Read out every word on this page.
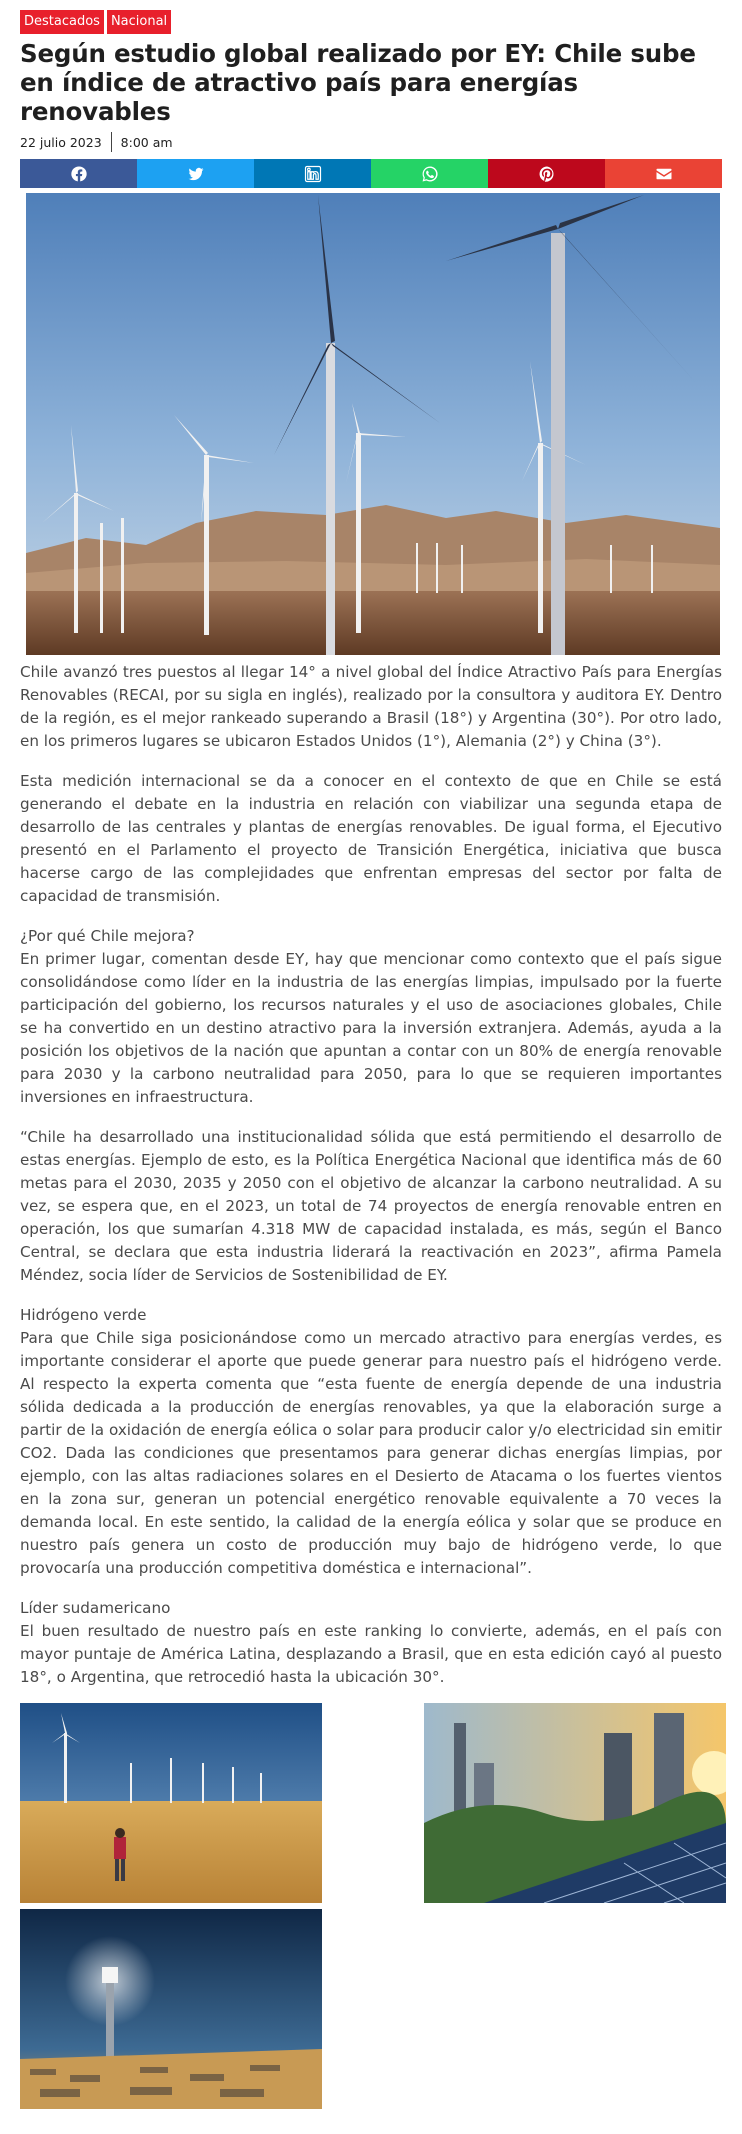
Destacados Nacional
Según estudio global realizado por EY: Chile sube en índice de atractivo país para energías renovables
22 julio 2023 8:00 am

Chile avanzó tres puestos al llegar 14° a nivel global del Índice Atractivo País para Energías Renovables (RECAI, por su sigla en inglés), realizado por la consultora y auditora EY. Dentro de la región, es el mejor rankeado superando a Brasil (18°) y Argentina (30°). Por otro lado, en los primeros lugares se ubicaron Estados Unidos (1°), Alemania (2°) y China (3°).

Esta medición internacional se da a conocer en el contexto de que en Chile se está generando el debate en la industria en relación con viabilizar una segunda etapa de desarrollo de las centrales y plantas de energías renovables. De igual forma, el Ejecutivo presentó en el Parlamento el proyecto de Transición Energética, iniciativa que busca hacerse cargo de las complejidades que enfrentan empresas del sector por falta de capacidad de transmisión.

¿Por qué Chile mejora?

En primer lugar, comentan desde EY, hay que mencionar como contexto que el país sigue consolidándose como líder en la industria de las energías limpias, impulsado por la fuerte participación del gobierno, los recursos naturales y el uso de asociaciones globales, Chile se ha convertido en un destino atractivo para la inversión extranjera. Además, ayuda a la posición los objetivos de la nación que apuntan a contar con un 80% de energía renovable para 2030 y la carbono neutralidad para 2050, para lo que se requieren importantes inversiones en infraestructura.

“Chile ha desarrollado una institucionalidad sólida que está permitiendo el desarrollo de estas energías. Ejemplo de esto, es la Política Energética Nacional que identifica más de 60 metas para el 2030, 2035 y 2050 con el objetivo de alcanzar la carbono neutralidad. A su vez, se espera que, en el 2023, un total de 74 proyectos de energía renovable entren en operación, los que sumarían 4.318 MW de capacidad instalada, es más, según el Banco Central, se declara que esta industria liderará la reactivación en 2023”, afirma Pamela Méndez, socia líder de Servicios de Sostenibilidad de EY.

Hidrógeno verde

Para que Chile siga posicionándose como un mercado atractivo para energías verdes, es importante considerar el aporte que puede generar para nuestro país el hidrógeno verde. Al respecto la experta comenta que “esta fuente de energía depende de una industria sólida dedicada a la producción de energías renovables, ya que la elaboración surge a partir de la oxidación de energía eólica o solar para producir calor y/o electricidad sin emitir CO2. Dada las condiciones que presentamos para generar dichas energías limpias, por ejemplo, con las altas radiaciones solares en el Desierto de Atacama o los fuertes vientos en la zona sur, generan un potencial energético renovable equivalente a 70 veces la demanda local. En este sentido, la calidad de la energía eólica y solar que se produce en nuestro país genera un costo de producción muy bajo de hidrógeno verde, lo que provocaría una producción competitiva doméstica e internacional”.

Líder sudamericano

El buen resultado de nuestro país en este ranking lo convierte, además, en el país con mayor puntaje de América Latina, desplazando a Brasil, que en esta edición cayó al puesto 18°, o Argentina, que retrocedió hasta la ubicación 30°.
